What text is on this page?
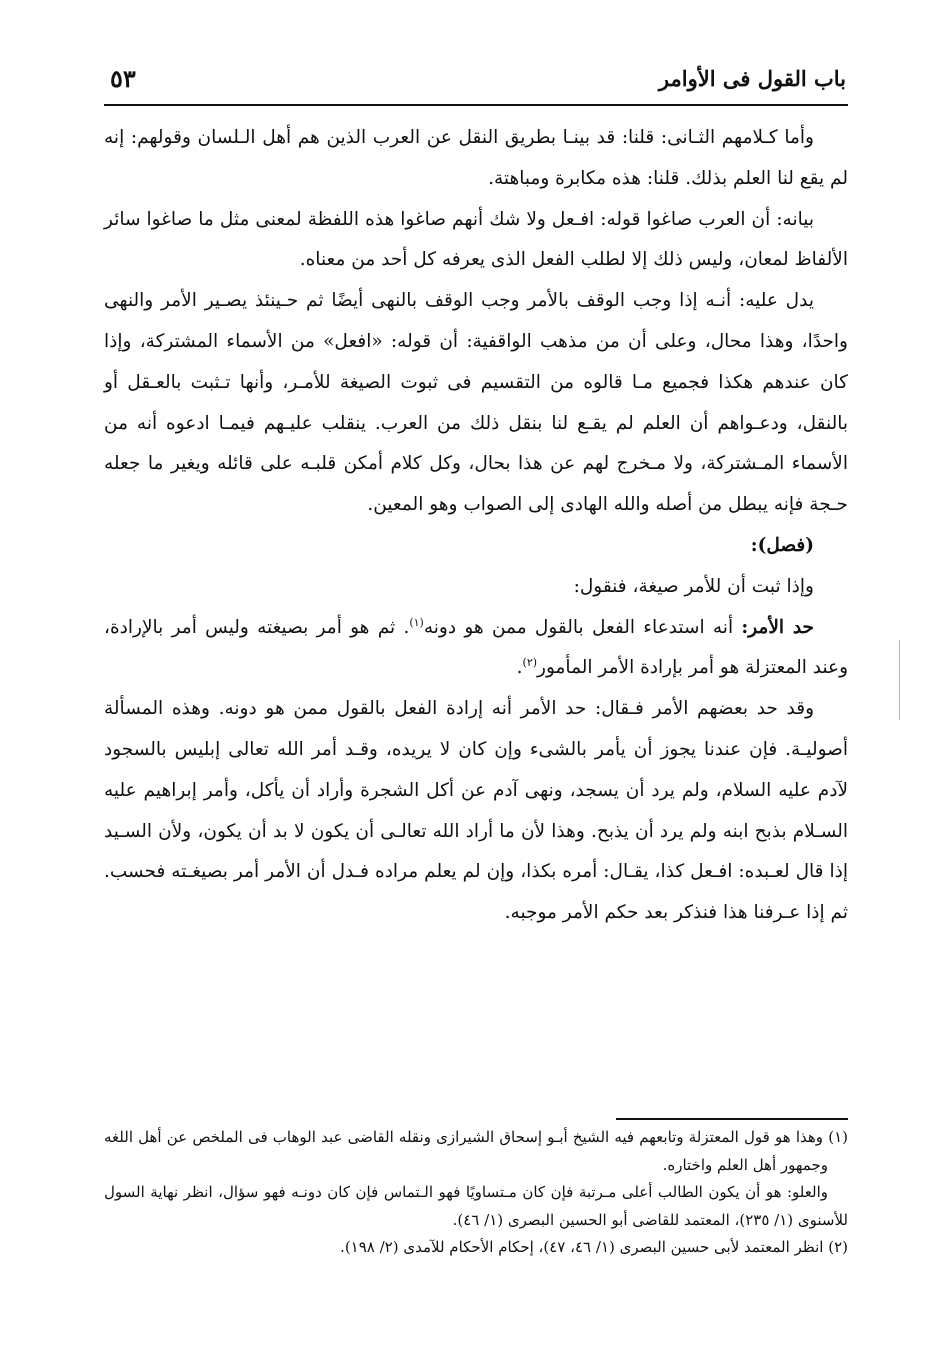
باب القول فى الأوامر
٥٣

وأما كـلامهم الثـانى: قلنا: قد بينـا بطريق النقل عن العرب الذين هم أهل الـلسان وقولهم: إنه لم يقع لنا العلم بذلك. قلنا: هذه مكابرة ومباهتة.

بيانه: أن العرب صاغوا قوله: افـعل ولا شك أنهم صاغوا هذه اللفظة لمعنى مثل ما صاغوا سائر الألفاظ لمعان، وليس ذلك إلا لطلب الفعل الذى يعرفه كل أحد من معناه.

يدل عليه: أنـه إذا وجب الوقف بالأمر وجب الوقف بالنهى أيضًا ثم حـينئذ يصـير الأمر والنهى واحدًا، وهذا محال، وعلى أن من مذهب الواقفية: أن قوله: «افعل» من الأسماء المشتركة، وإذا كان عندهم هكذا فجميع مـا قالوه من التقسيم فى ثبوت الصيغة للأمـر، وأنها تـثبت بالعـقل أو بالنقل، ودعـواهم أن العلم لم يقـع لنا بنقل ذلك من العرب. ينقلب عليـهم فيمـا ادعوه أنه من الأسماء المـشتركة، ولا مـخرج لهم عن هذا بحال، وكل كلام أمكن قلبـه على قائله ويغير ما جعله حـجة فإنه يبطل من أصله والله الهادى إلى الصواب وهو المعين.

(فصل):

وإذا ثبت أن للأمر صيغة، فنقول:

حد الأمر: أنه استدعاء الفعل بالقول ممن هو دونه$^{(١)}$. ثم هو أمر بصيغته وليس أمر بالإرادة، وعند المعتزلة هو أمر بإرادة الأمر المأمور$^{(٢)}$.

وقد حد بعضهم الأمر فـقال: حد الأمر أنه إرادة الفعل بالقول ممن هو دونه. وهذه المسألة أصوليـة. فإن عندنا يجوز أن يأمر بالشىء وإن كان لا يريده، وقـد أمر الله تعالى إبليس بالسجود لآدم عليه السلام، ولم يرد أن يسجد، ونهى آدم عن أكل الشجرة وأراد أن يأكل، وأمر إبراهيم عليه السـلام بذبح ابنه ولم يرد أن يذبح. وهذا لأن ما أراد الله تعالـى أن يكون لا بد أن يكون، ولأن السـيد إذا قال لعـبده: افـعل كذا، يقـال: أمره بكذا، وإن لم يعلم مراده فـدل أن الأمر أمر بصيغـته فحسب. ثم إذا عـرفنا هذا فنذكر بعد حكم الأمر موجبه.

(١) وهذا هو قول المعتزلة وتابعهم فيه الشيخ أبـو إسحاق الشيرازى ونقله القاضى عبد الوهاب فى الملخص عن أهل اللغه وجمهور أهل العلم واختاره.

والعلو: هو أن يكون الطالب أعلى مـرتبة فإن كان مـتساويًا فهو الـتماس فإن كان دونـه فهو سؤال، انظر نهاية السول للأسنوى (١/ ٢٣٥)، المعتمد للقاضى أبو الحسين البصرى (١/ ٤٦).

(٢) انظر المعتمد لأبى حسين البصرى (١/ ٤٦، ٤٧)، إحكام الأحكام للآمدى (٢/ ١٩٨).
